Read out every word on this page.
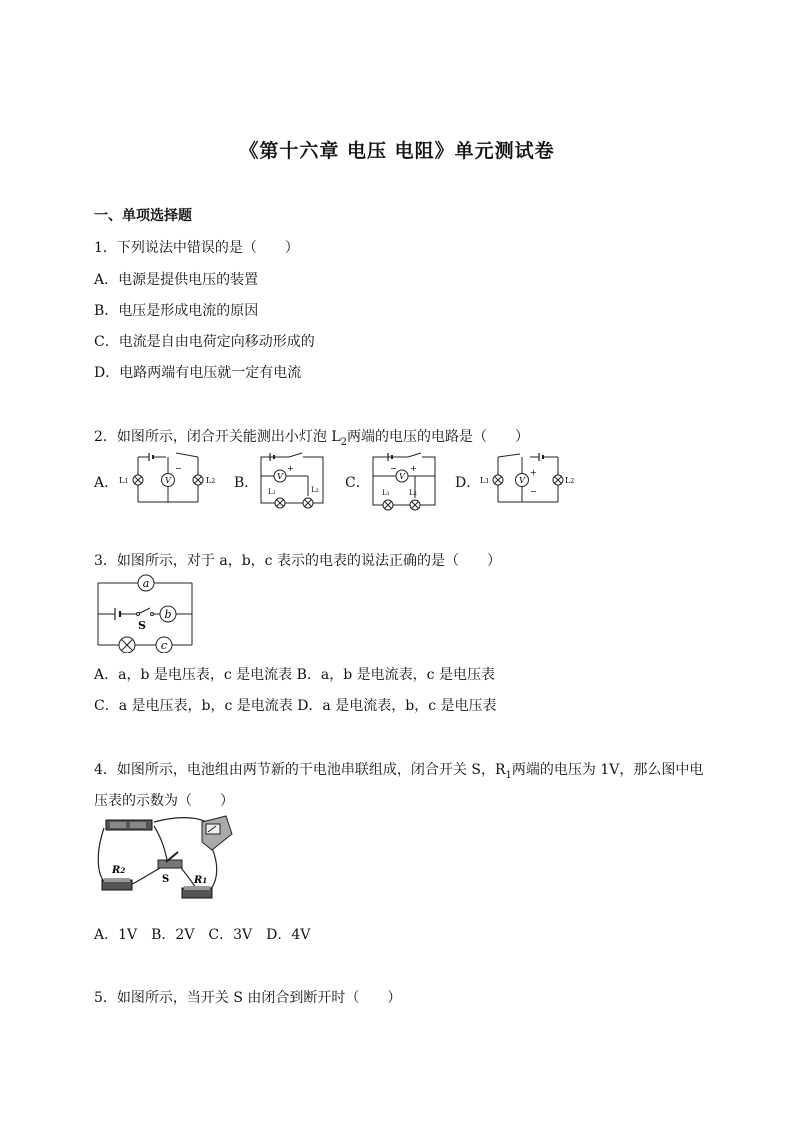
《第十六章 电压 电阻》单元测试卷
一、单项选择题
1．下列说法中错误的是（　　）
A．电源是提供电压的装置
B．电压是形成电流的原因
C．电流是自由电荷定向移动形成的
D．电路两端有电压就一定有电流
2．如图所示，闭合开关能测出小灯泡 $L_2$两端的电压的电路是（　　）
A．	B．	C．	D．
V
−
L1	L2
V
+
L1	L2
V
− +
L1	L2
V
+
−
L1	L2
3．如图所示，对于 a，b，c 表示的电表的说法正确的是（　　）
a
b
c
S
A．a，b 是电压表，c 是电流表 B．a，b 是电流表，c 是电压表
C．a 是电压表，b，c 是电流表 D．a 是电流表，b，c 是电压表
4．如图所示，电池组由两节新的干电池串联组成，闭合开关 S，$R_1$两端的电压为 1V，那么图中电
压表的示数为（　　）
R2
R1
S
A．1V　B．2V　C．3V　D．4V
5．如图所示，当开关 S 由闭合到断开时（　　）
